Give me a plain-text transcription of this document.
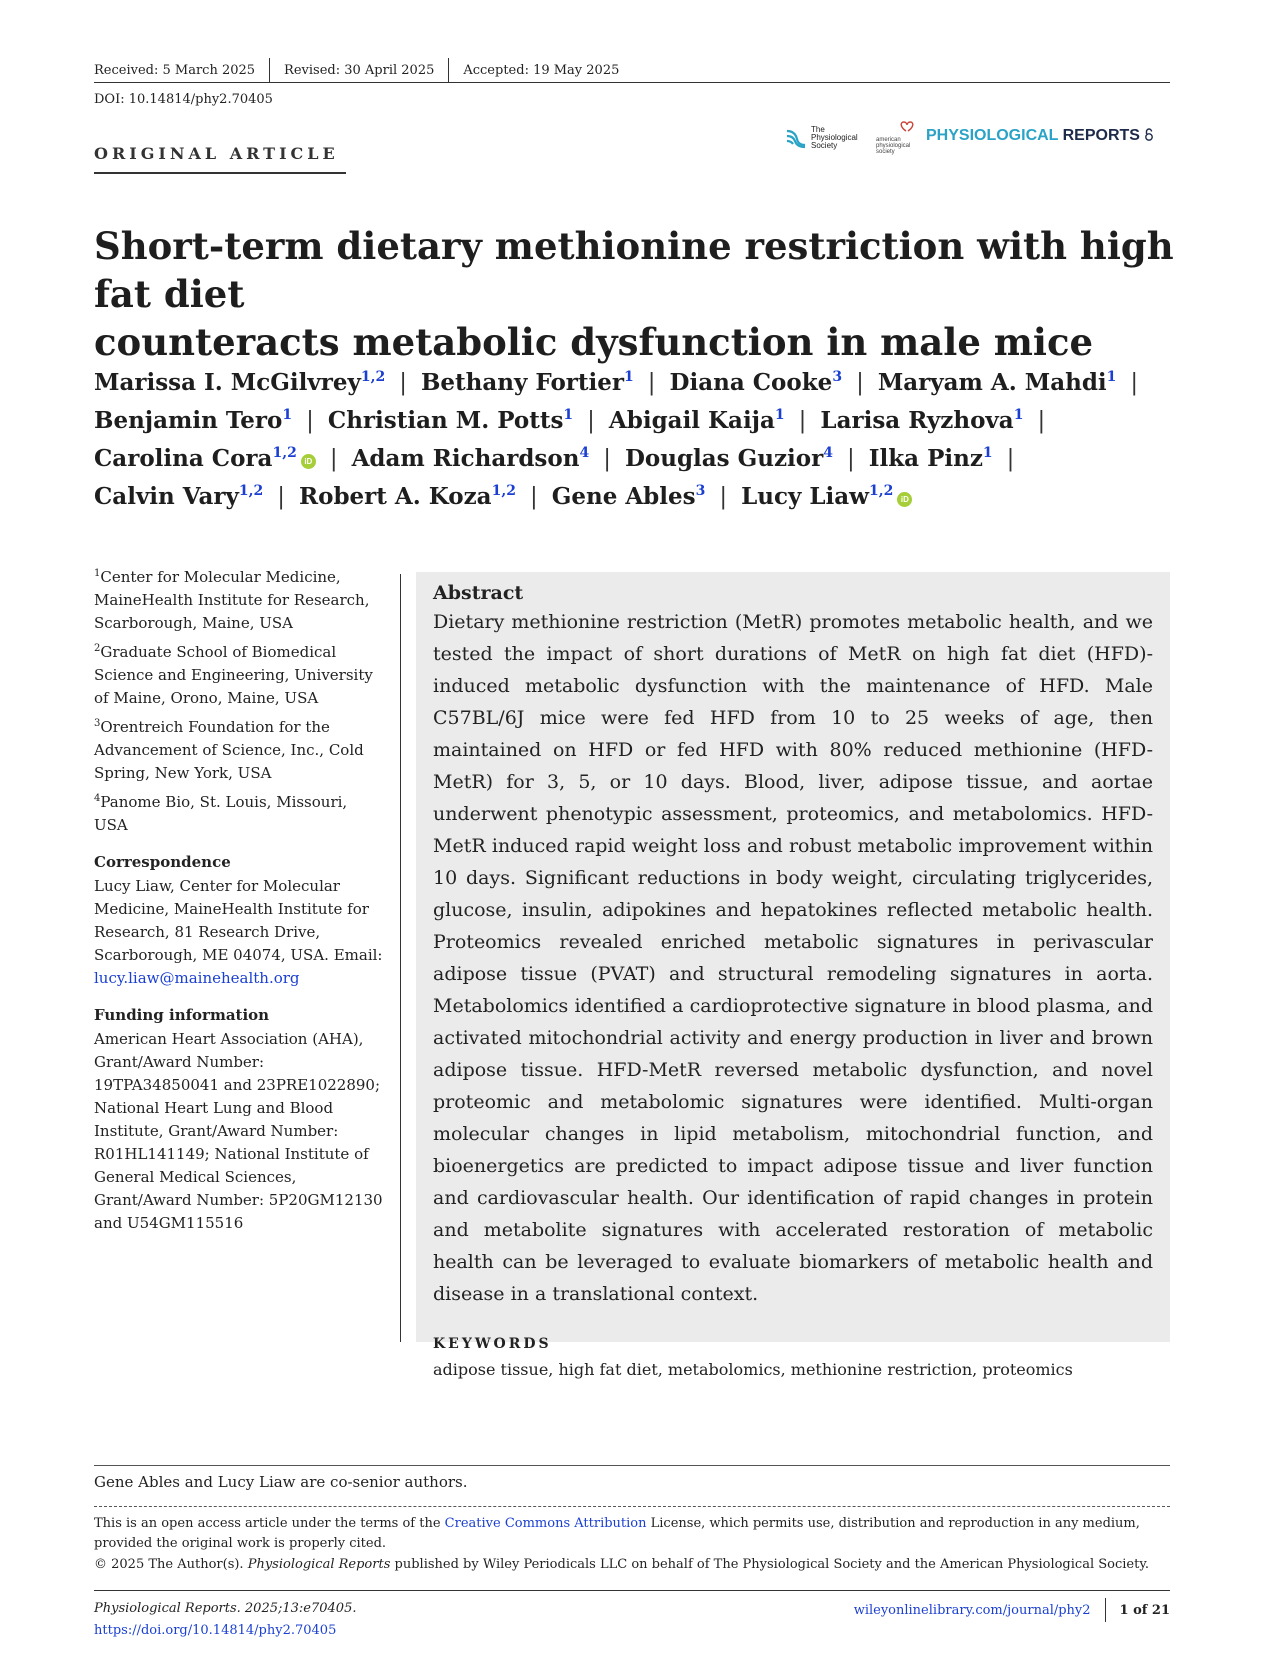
Received: 5 March 2025 Revised: 30 April 2025 Accepted: 19 May 2025
DOI: 10.14814/phy2.70405
ORIGINAL ARTICLE
The
Physiological
Society
american
physiological
society
PHYSIOLOGICAL REPORTS
Short-term dietary methionine restriction with high fat diet
counteracts metabolic dysfunction in male mice
Marissa I. McGilvrey$^{1,2}$ | Bethany Fortier$^1$ | Diana Cooke$^3$ | Maryam A. Mahdi$^1$ |
Benjamin Tero$^1$ | Christian M. Potts$^1$ | Abigail Kaija$^1$ | Larisa Ryzhova$^1$ |
Carolina Cora$^{1,2}$iD | Adam Richardson$^4$ | Douglas Guzior$^4$ | Ilka Pinz$^1$ |
Calvin Vary$^{1,2}$ | Robert A. Koza$^{1,2}$ | Gene Ables$^3$ | Lucy Liaw$^{1,2}$iD
$^1$Center for Molecular Medicine, MaineHealth Institute for Research, Scarborough, Maine, USA
$^2$Graduate School of Biomedical Science and Engineering, University of Maine, Orono, Maine, USA
$^3$Orentreich Foundation for the Advancement of Science, Inc., Cold Spring, New York, USA
$^4$Panome Bio, St. Louis, Missouri, USA
Correspondence
Lucy Liaw, Center for Molecular Medicine, MaineHealth Institute for Research, 81 Research Drive, Scarborough, ME 04074, USA. Email: lucy.liaw@mainehealth.org
Funding information
American Heart Association (AHA), Grant/Award Number: 19TPA34850041 and 23PRE1022890; National Heart Lung and Blood Institute, Grant/Award Number: R01HL141149; National Institute of General Medical Sciences, Grant/Award Number: 5P20GM12130 and U54GM115516
Abstract

Dietary methionine restriction (MetR) promotes metabolic health, and we tested the impact of short durations of MetR on high fat diet (HFD)-induced metabolic dysfunction with the maintenance of HFD. Male C57BL/6J mice were fed HFD from 10 to 25 weeks of age, then maintained on HFD or fed HFD with 80% reduced methionine (HFD-MetR) for 3, 5, or 10 days. Blood, liver, adipose tissue, and aortae underwent phenotypic assessment, proteomics, and metabolomics. HFD-MetR induced rapid weight loss and robust metabolic improvement within 10 days. Significant reductions in body weight, circulating triglycerides, glucose, insulin, adipokines and hepatokines reflected metabolic health. Proteomics revealed enriched metabolic signatures in perivascular adipose tissue (PVAT) and structural remodeling signatures in aorta. Metabolomics identified a cardioprotective signature in blood plasma, and activated mitochondrial activity and energy production in liver and brown adipose tissue. HFD-MetR reversed metabolic dysfunction, and novel proteomic and metabolomic signatures were identified. Multi-organ molecular changes in lipid metabolism, mitochondrial function, and bioenergetics are predicted to impact adipose tissue and liver function and cardiovascular health. Our identification of rapid changes in protein and metabolite signatures with accelerated restoration of metabolic health can be leveraged to evaluate biomarkers of metabolic health and disease in a translational context.

KEYWORDS
adipose tissue, high fat diet, metabolomics, methionine restriction, proteomics
Gene Ables and Lucy Liaw are co-senior authors.
This is an open access article under the terms of the Creative Commons Attribution License, which permits use, distribution and reproduction in any medium, provided the original work is properly cited.
© 2025 The Author(s). Physiological Reports published by Wiley Periodicals LLC on behalf of The Physiological Society and the American Physiological Society.
Physiological Reports. 2025;13:e70405.
https://doi.org/10.14814/phy2.70405
wileyonlinelibrary.com/journal/phy2 1 of 21
